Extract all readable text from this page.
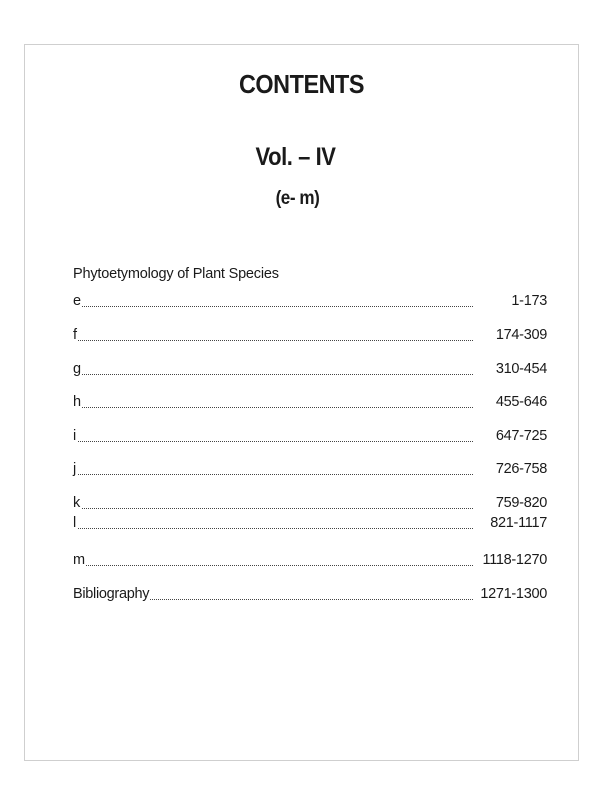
CONTENTS
Vol. – IV
(e- m)
Phytoetymology of Plant Species
e	1-173
f	174-309
g	310-454
h	455-646
i	647-725
j	726-758
k	759-820
l	821-1117
m	1118-1270
Bibliography	1271-1300
